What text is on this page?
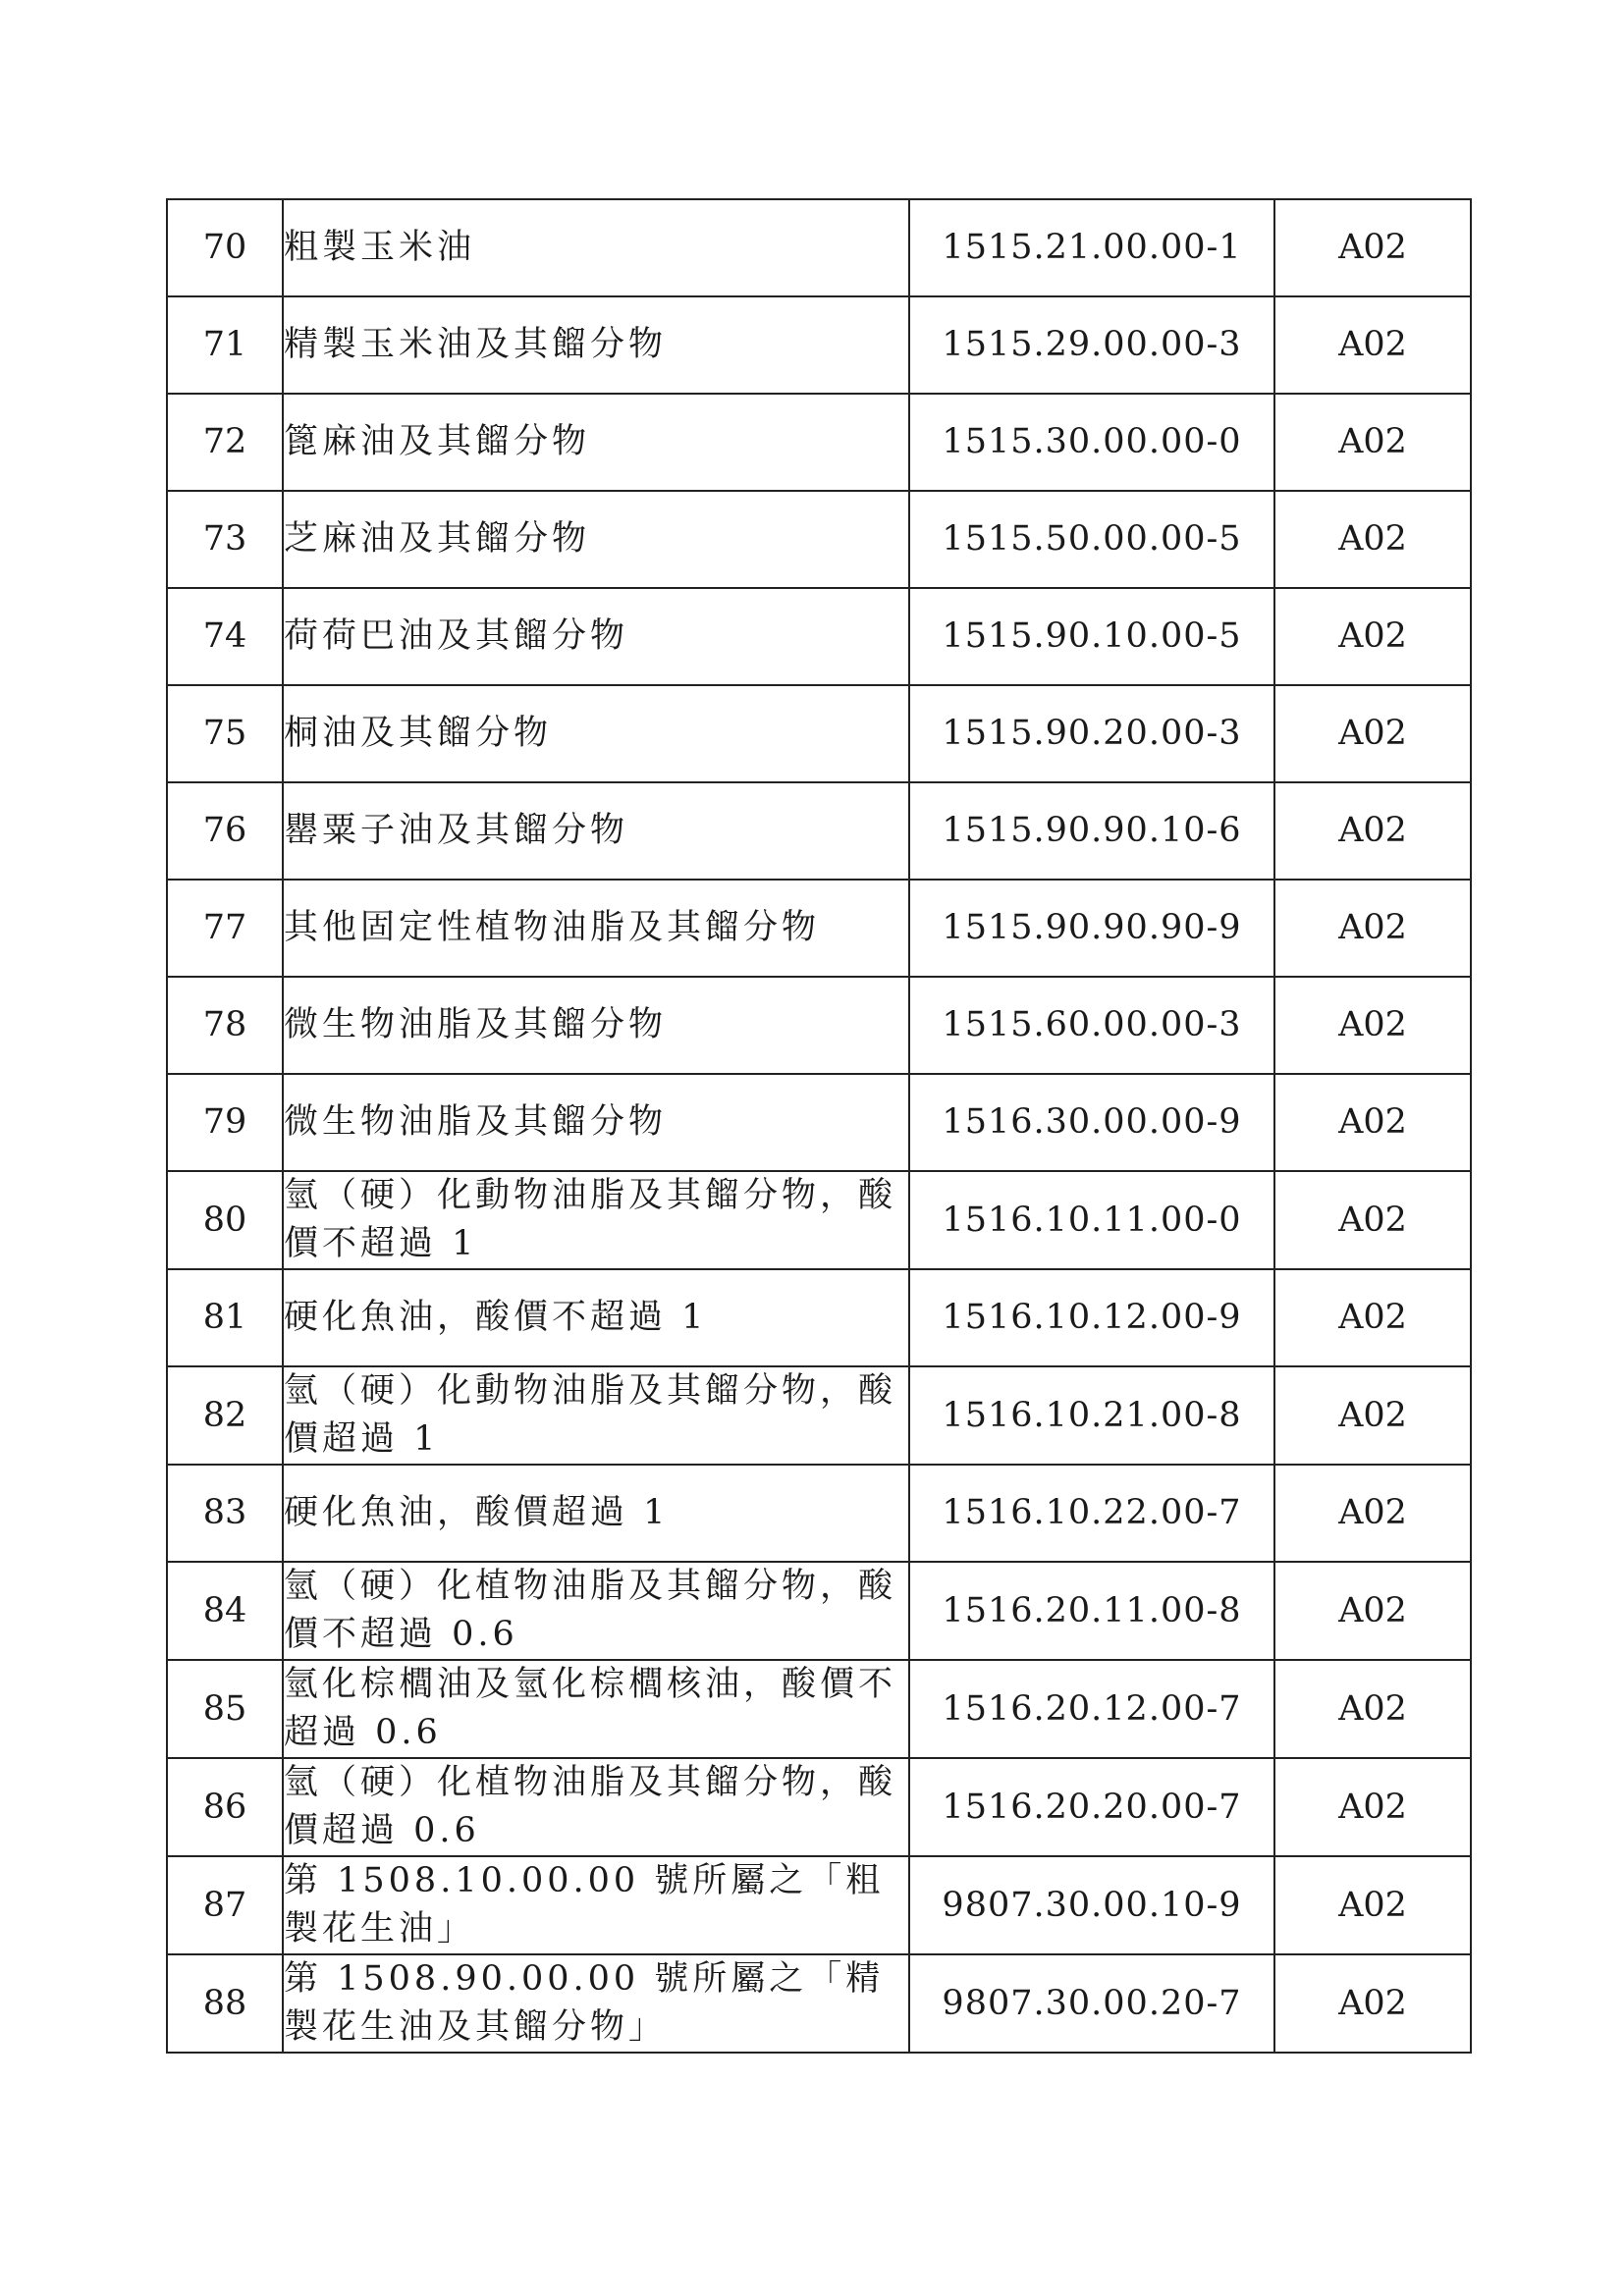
70	粗製玉米油	1515.21.00.00-1	A02
71	精製玉米油及其餾分物	1515.29.00.00-3	A02
72	篦麻油及其餾分物	1515.30.00.00-0	A02
73	芝麻油及其餾分物	1515.50.00.00-5	A02
74	荷荷巴油及其餾分物	1515.90.10.00-5	A02
75	桐油及其餾分物	1515.90.20.00-3	A02
76	罌粟子油及其餾分物	1515.90.90.10-6	A02
77	其他固定性植物油脂及其餾分物	1515.90.90.90-9	A02
78	微生物油脂及其餾分物	1515.60.00.00-3	A02
79	微生物油脂及其餾分物	1516.30.00.00-9	A02
80	氫（硬）化動物油脂及其餾分物，酸價不超過 1	1516.10.11.00-0	A02
81	硬化魚油，酸價不超過 1	1516.10.12.00-9	A02
82	氫（硬）化動物油脂及其餾分物，酸價超過 1	1516.10.21.00-8	A02
83	硬化魚油，酸價超過 1	1516.10.22.00-7	A02
84	氫（硬）化植物油脂及其餾分物，酸價不超過 0.6	1516.20.11.00-8	A02
85	氫化棕櫚油及氫化棕櫚核油，酸價不超過 0.6	1516.20.12.00-7	A02
86	氫（硬）化植物油脂及其餾分物，酸價超過 0.6	1516.20.20.00-7	A02
87	第 1508.10.00.00 號所屬之「粗製花生油」	9807.30.00.10-9	A02
88	第 1508.90.00.00 號所屬之「精製花生油及其餾分物」	9807.30.00.20-7	A02
